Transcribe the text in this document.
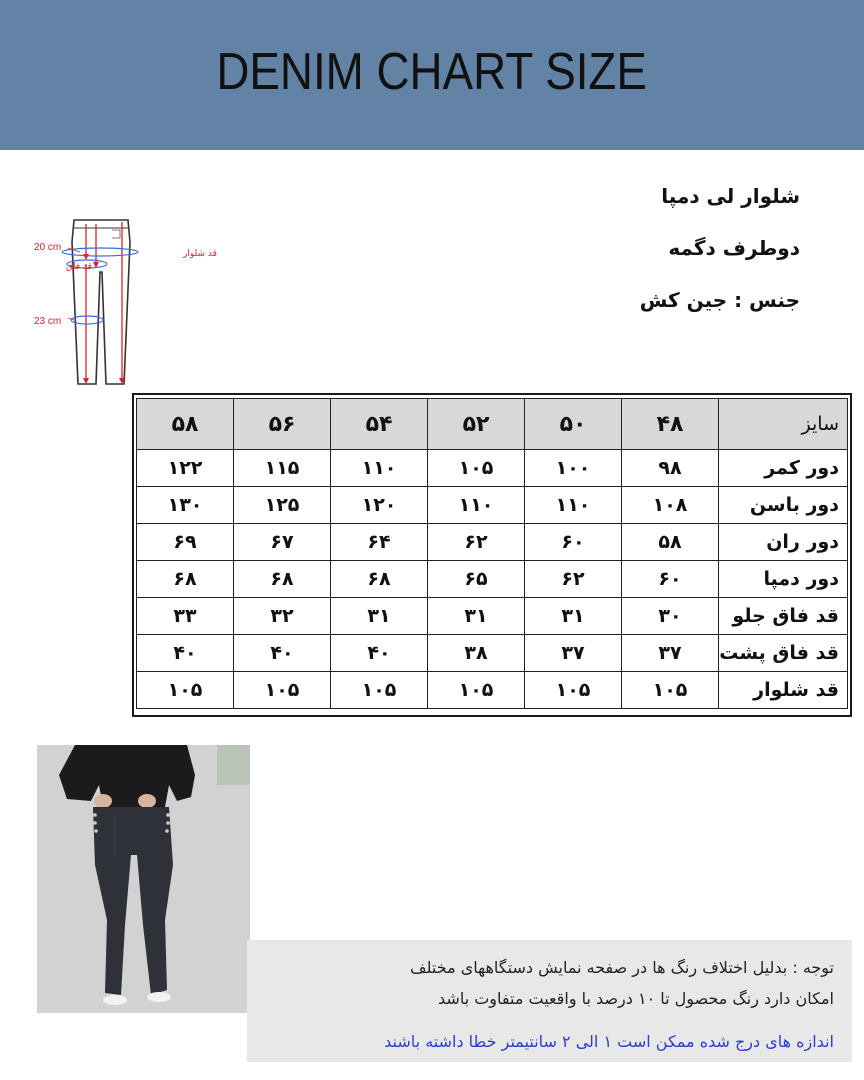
DENIM CHART SIZE
شلوار لی دمپا
دوطرف دگمه
جنس : جین کش
20 cm
قد فاق
قد شلوار
23 cm
سایز	۴۸	۵۰	۵۲	۵۴	۵۶	۵۸
دور کمر	۹۸	۱۰۰	۱۰۵	۱۱۰	۱۱۵	۱۲۲
دور باسن	۱۰۸	۱۱۰	۱۱۰	۱۲۰	۱۲۵	۱۳۰
دور ران	۵۸	۶۰	۶۲	۶۴	۶۷	۶۹
دور دمپا	۶۰	۶۲	۶۵	۶۸	۶۸	۶۸
قد فاق جلو	۳۰	۳۱	۳۱	۳۱	۳۲	۳۳
قد فاق پشت	۳۷	۳۷	۳۸	۴۰	۴۰	۴۰
قد شلوار	۱۰۵	۱۰۵	۱۰۵	۱۰۵	۱۰۵	۱۰۵
توجه : بدلیل اختلاف رنگ ها در صفحه نمایش دستگاههای مختلف
امکان دارد رنگ محصول تا ۱۰ درصد با واقعیت متفاوت باشد
اندازه های درج شده ممکن است ۱ الی ۲ سانتیمتر خطا داشته باشند
